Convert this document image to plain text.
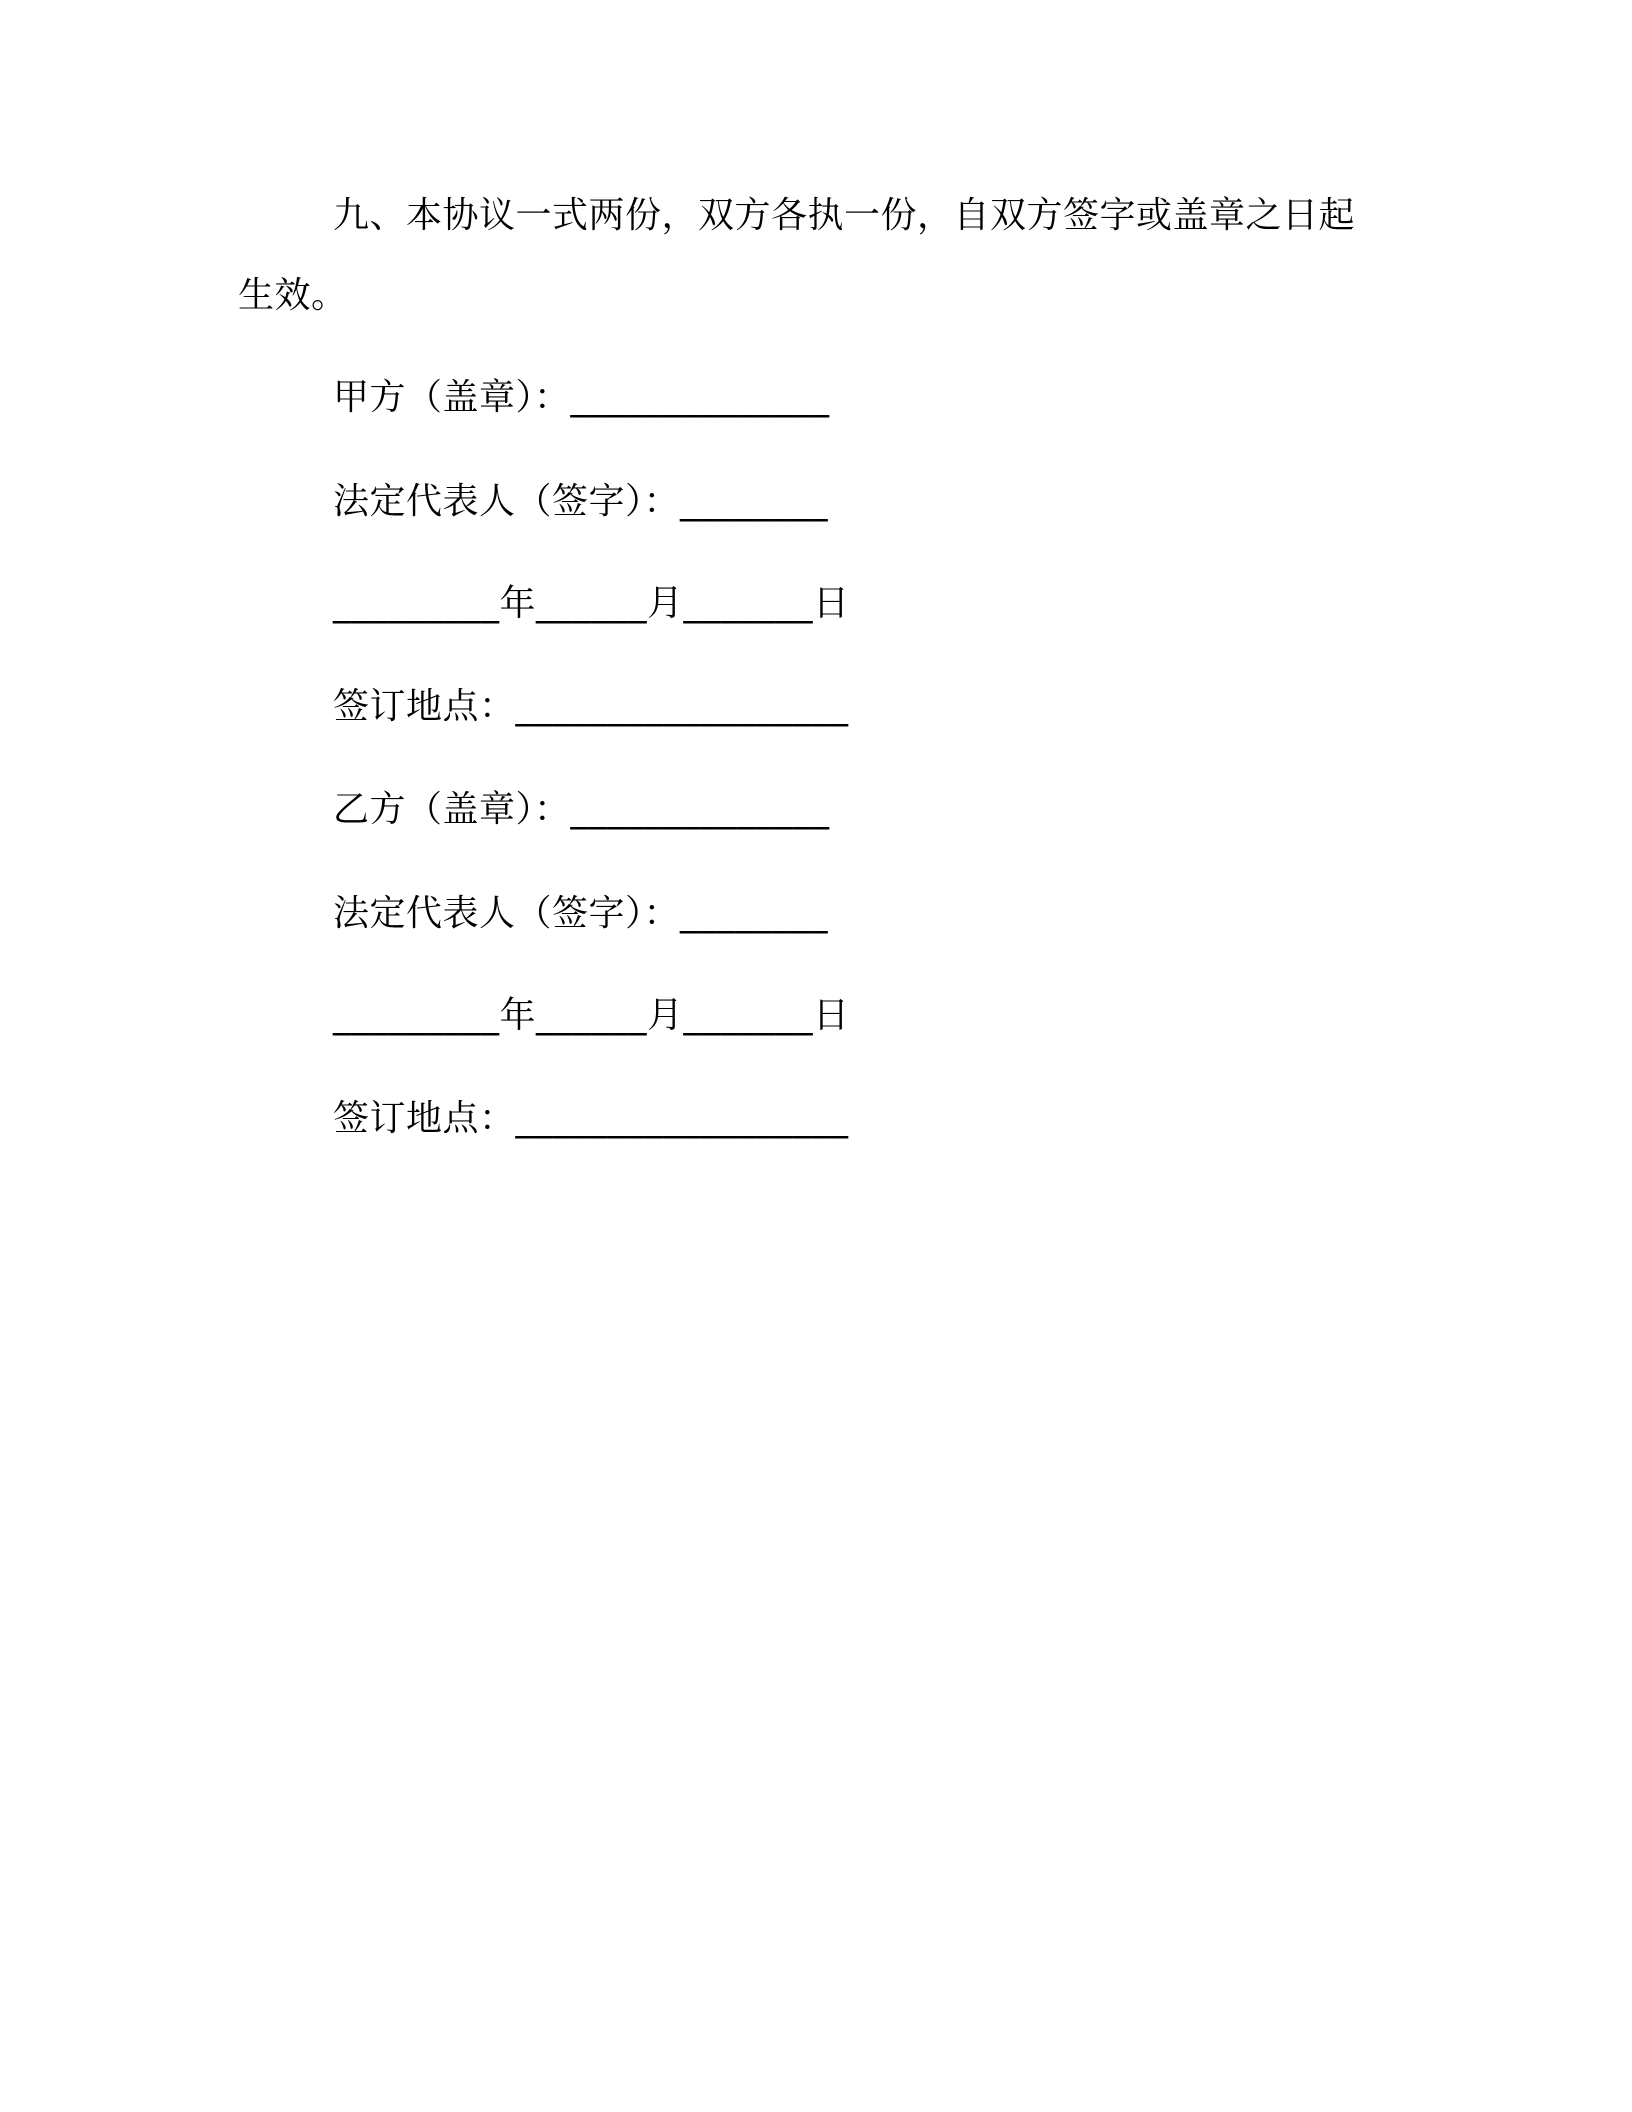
九、本协议一式两份，双方各执一份，自双方签字或盖章之日起
生效。
甲方（盖章）：______________
法定代表人（签字）：________
_________年______月_______日
签订地点：__________________
乙方（盖章）：______________
法定代表人（签字）：________
_________年______月_______日
签订地点：__________________
